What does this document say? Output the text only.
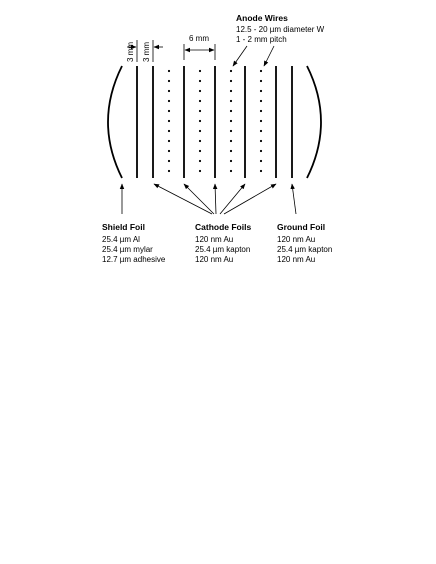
3 mm 3 mm
6 mm
Anode Wires
12.5 - 20 µm diameter W
1 - 2 mm pitch
Shield Foil
25.4 µm Al
25.4 µm mylar
12.7 µm adhesive
Cathode Foils
120 nm Au
25.4 µm kapton
120 nm Au
Ground Foil
120 nm Au
25.4 µm kapton
120 nm Au
